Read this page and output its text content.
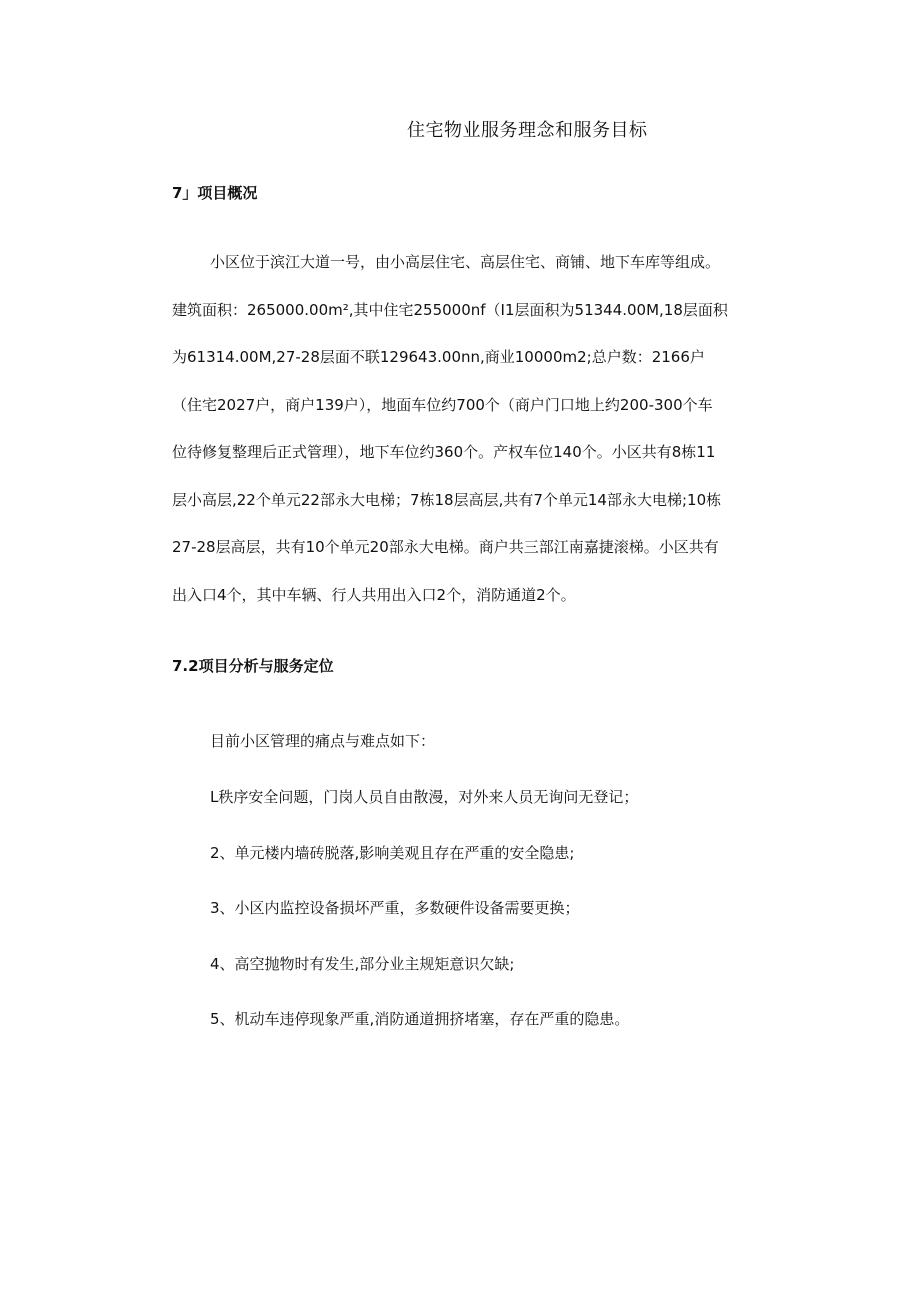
住宅物业服务理念和服务目标
7」项目概况
小区位于滨江大道一号，由小高层住宅、高层住宅、商铺、地下车库等组成。
建筑面积：265000.00m²,其中住宅255000nf（I1层面积为51344.00M,18层面积
为61314.00M,27-28层面不联129643.00nn,商业10000m2;总户数：2166户
（住宅2027户，商户139户），地面车位约700个（商户门口地上约200-300个车
位待修复整理后正式管理），地下车位约360个。产权车位140个。小区共有8栋11
层小高层,22个单元22部永大电梯；7栋18层高层,共有7个单元14部永大电梯;10栋
27-28层高层，共有10个单元20部永大电梯。商户共三部江南嘉捷滚梯。小区共有
出入口4个，其中车辆、行人共用出入口2个，消防通道2个。
7.2项目分析与服务定位
目前小区管理的痛点与难点如下：
L秩序安全问题，门岗人员自由散漫，对外来人员无询问无登记；
2、单元楼内墙砖脱落,影响美观且存在严重的安全隐患;
3、小区内监控设备损坏严重，多数硬件设备需要更换；
4、高空抛物时有发生,部分业主规矩意识欠缺;
5、机动车违停现象严重,消防通道拥挤堵塞，存在严重的隐患。
